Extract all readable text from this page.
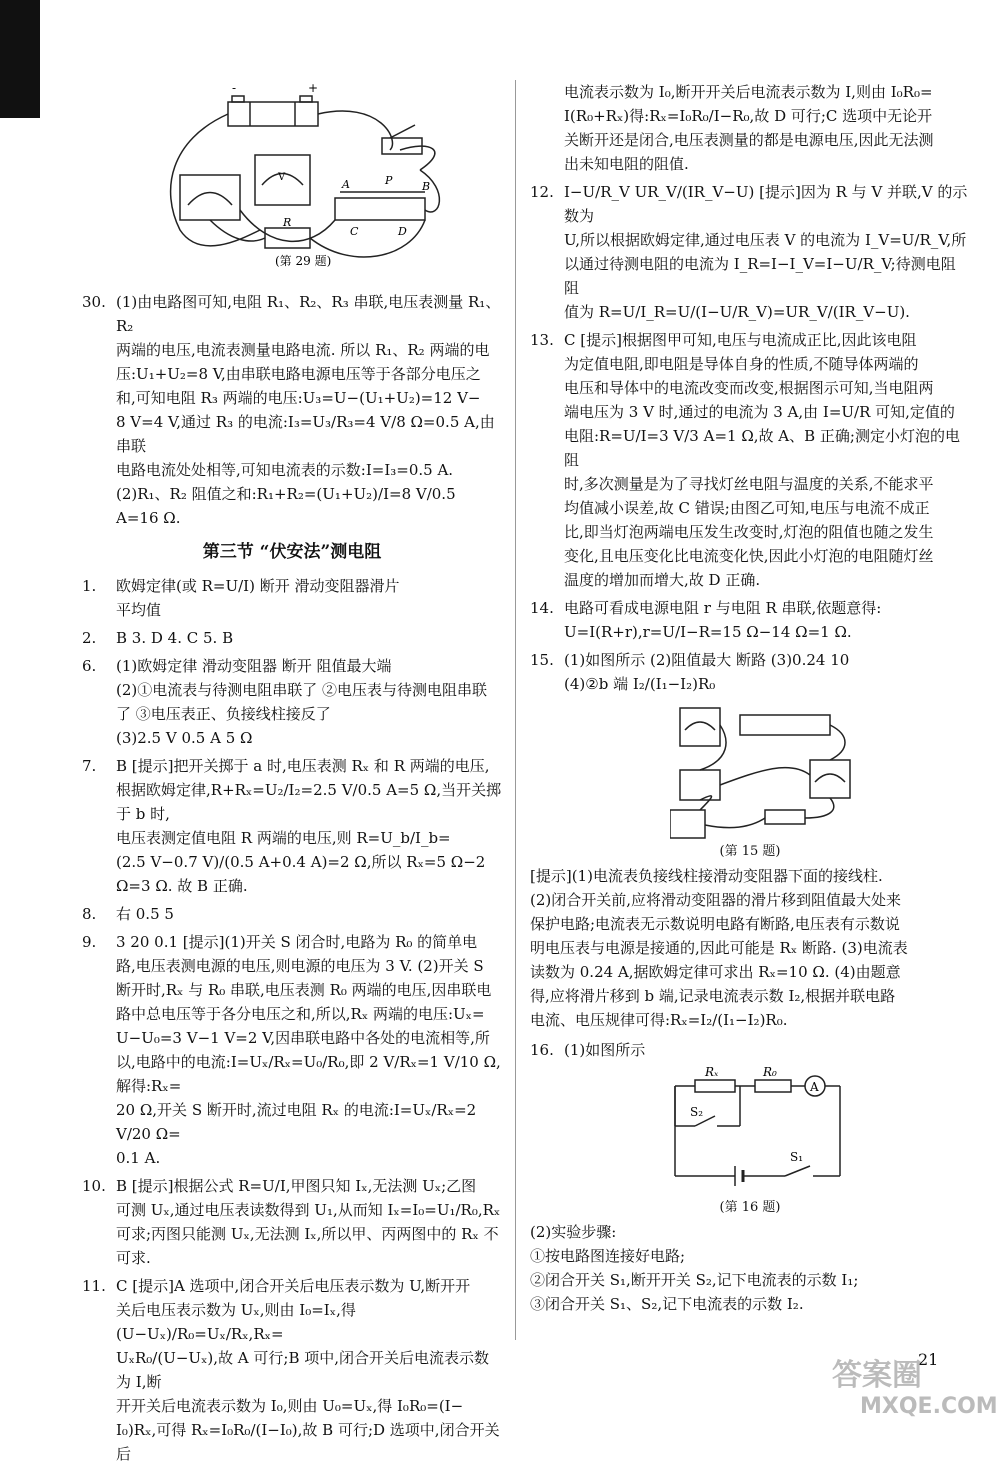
-	+
A	P	B
R
C	D
V
(第 29 题)
30. (1)由电路图可知,电阻 R₁、R₂、R₃ 串联,电压表测量 R₁、R₂
两端的电压,电流表测量电路电流. 所以 R₁、R₂ 两端的电
压:U₁+U₂=8 V,由串联电路电源电压等于各部分电压之
和,可知电阻 R₃ 两端的电压:U₃=U−(U₁+U₂)=12 V−
8 V=4 V,通过 R₃ 的电流:I₃=U₃/R₃=4 V/8 Ω=0.5 A,由串联
电路电流处处相等,可知电流表的示数:I=I₃=0.5 A.
(2)R₁、R₂ 阻值之和:R₁+R₂=(U₁+U₂)/I=8 V/0.5 A=16 Ω.
第三节 “伏安法”测电阻
1.	欧姆定律(或 R=U/I) 断开 滑动变阻器滑片
平均值
2.	B 3. D 4. C 5. B
6.	(1)欧姆定律 滑动变阻器 断开 阻值最大端
(2)①电流表与待测电阻串联了 ②电压表与待测电阻串联
了 ③电压表正、负接线柱接反了
(3)2.5 V 0.5 A 5 Ω
7.	B [提示]把开关掷于 a 时,电压表测 Rₓ 和 R 两端的电压,
根据欧姆定律,R+Rₓ=U₂/I₂=2.5 V/0.5 A=5 Ω,当开关掷于 b 时,
电压表测定值电阻 R 两端的电压,则 R=U_b/I_b=
(2.5 V−0.7 V)/(0.5 A+0.4 A)=2 Ω,所以 Rₓ=5 Ω−2 Ω=3 Ω. 故 B 正确.
8.	右 0.5 5
9.	3 20 0.1 [提示](1)开关 S 闭合时,电路为 R₀ 的简单电
路,电压表测电源的电压,则电源的电压为 3 V. (2)开关 S
断开时,Rₓ 与 R₀ 串联,电压表测 R₀ 两端的电压,因串联电
路中总电压等于各分电压之和,所以,Rₓ 两端的电压:Uₓ=
U−U₀=3 V−1 V=2 V,因串联电路中各处的电流相等,所
以,电路中的电流:I=Uₓ/Rₓ=U₀/R₀,即 2 V/Rₓ=1 V/10 Ω,解得:Rₓ=
20 Ω,开关 S 断开时,流过电阻 Rₓ 的电流:I=Uₓ/Rₓ=2 V/20 Ω=
0.1 A.
10. B [提示]根据公式 R=U/I,甲图只知 Iₓ,无法测 Uₓ;乙图
可测 Uₓ,通过电压表读数得到 U₁,从而知 Iₓ=I₀=U₁/R₀,Rₓ
可求;丙图只能测 Uₓ,无法测 Iₓ,所以甲、丙两图中的 Rₓ 不
可求.
11. C [提示]A 选项中,闭合开关后电压表示数为 U,断开开
关后电压表示数为 Uₓ,则由 I₀=Iₓ,得(U−Uₓ)/R₀=Uₓ/Rₓ,Rₓ=
UₓR₀/(U−Uₓ),故 A 可行;B 项中,闭合开关后电流表示数为 I,断
开开关后电流表示数为 I₀,则由 U₀=Uₓ,得 I₀R₀=(I−
I₀)Rₓ,可得 Rₓ=I₀R₀/(I−I₀),故 B 可行;D 选项中,闭合开关后
电流表示数为 I₀,断开开关后电流表示数为 I,则由 I₀R₀=
I(R₀+Rₓ)得:Rₓ=I₀R₀/I−R₀,故 D 可行;C 选项中无论开
关断开还是闭合,电压表测量的都是电源电压,因此无法测
出未知电阻的阻值.
12. I−U/R_V UR_V/(IR_V−U) [提示]因为 R 与 V 并联,V 的示数为
U,所以根据欧姆定律,通过电压表 V 的电流为 I_V=U/R_V,所
以通过待测电阻的电流为 I_R=I−I_V=I−U/R_V;待测电阻阻
值为 R=U/I_R=U/(I−U/R_V)=UR_V/(IR_V−U).
13. C [提示]根据图甲可知,电压与电流成正比,因此该电阻
为定值电阻,即电阻是导体自身的性质,不随导体两端的
电压和导体中的电流改变而改变,根据图示可知,当电阻两
端电压为 3 V 时,通过的电流为 3 A,由 I=U/R 可知,定值的
电阻:R=U/I=3 V/3 A=1 Ω,故 A、B 正确;测定小灯泡的电阻
时,多次测量是为了寻找灯丝电阻与温度的关系,不能求平
均值减小误差,故 C 错误;由图乙可知,电压与电流不成正
比,即当灯泡两端电压发生改变时,灯泡的阻值也随之发生
变化,且电压变化比电流变化快,因此小灯泡的电阻随灯丝
温度的增加而增大,故 D 正确.
14. 电路可看成电源电阻 r 与电阻 R 串联,依题意得:
U=I(R+r),r=U/I−R=15 Ω−14 Ω=1 Ω.
15. (1)如图所示 (2)阻值最大 断路 (3)0.24 10
(4)②b 端 I₂/(I₁−I₂)R₀
(第 15 题)
[提示](1)电流表负接线柱接滑动变阻器下面的接线柱.
(2)闭合开关前,应将滑动变阻器的滑片移到阻值最大处来
保护电路;电流表无示数说明电路有断路,电压表有示数说
明电压表与电源是接通的,因此可能是 Rₓ 断路. (3)电流表
读数为 0.24 A,据欧姆定律可求出 Rₓ=10 Ω. (4)由题意
得,应将滑片移到 b 端,记录电流表示数 I₂,根据并联电路
电流、电压规律可得:Rₓ=I₂/(I₁−I₂)R₀.
16. (1)如图所示
Rₓ	R₀
A
S₂
S₁
(第 16 题)
(2)实验步骤:
①按电路图连接好电路;
②闭合开关 S₁,断开开关 S₂,记下电流表的示数 I₁;
③闭合开关 S₁、S₂,记下电流表的示数 I₂.
21
答案圈
MXQE.COM
